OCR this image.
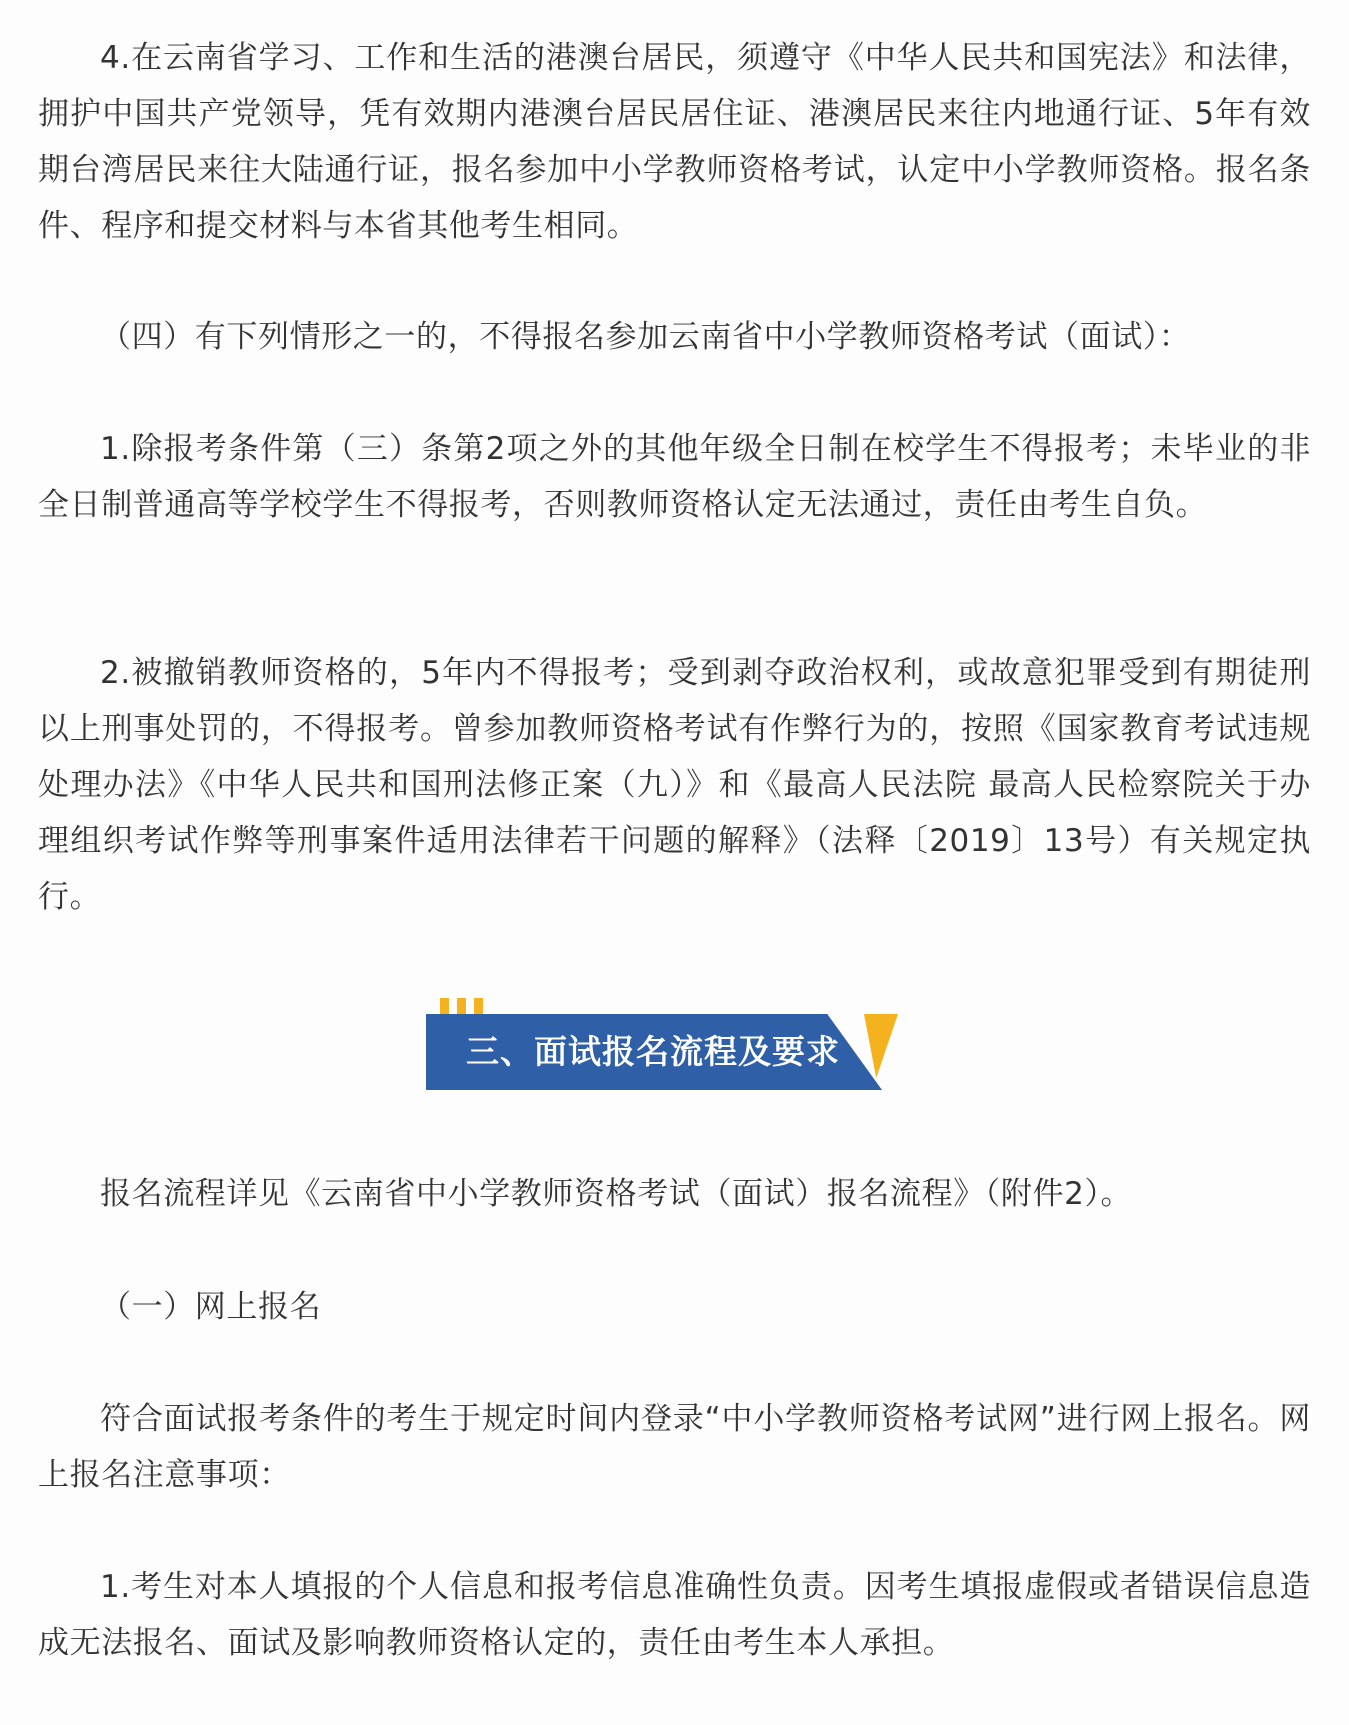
4.在云南省学习、工作和生活的港澳台居民，须遵守《中华人民共和国宪法》和法律，拥护中国共产党领导，凭有效期内港澳台居民居住证、港澳居民来往内地通行证、5年有效期台湾居民来往大陆通行证，报名参加中小学教师资格考试，认定中小学教师资格。报名条件、程序和提交材料与本省其他考生相同。

（四）有下列情形之一的，不得报名参加云南省中小学教师资格考试（面试）：

1.除报考条件第（三）条第2项之外的其他年级全日制在校学生不得报考；未毕业的非全日制普通高等学校学生不得报考，否则教师资格认定无法通过，责任由考生自负。

2.被撤销教师资格的，5年内不得报考；受到剥夺政治权利，或故意犯罪受到有期徒刑以上刑事处罚的，不得报考。曾参加教师资格考试有作弊行为的，按照《国家教育考试违规处理办法》《中华人民共和国刑法修正案（九）》和《最高人民法院 最高人民检察院关于办理组织考试作弊等刑事案件适用法律若干问题的解释》（法释〔2019〕13号）有关规定执行。

三、面试报名流程及要求

报名流程详见《云南省中小学教师资格考试（面试）报名流程》（附件2）。

（一）网上报名

符合面试报考条件的考生于规定时间内登录“中小学教师资格考试网”进行网上报名。网上报名注意事项：

1.考生对本人填报的个人信息和报考信息准确性负责。因考生填报虚假或者错误信息造成无法报名、面试及影响教师资格认定的，责任由考生本人承担。
